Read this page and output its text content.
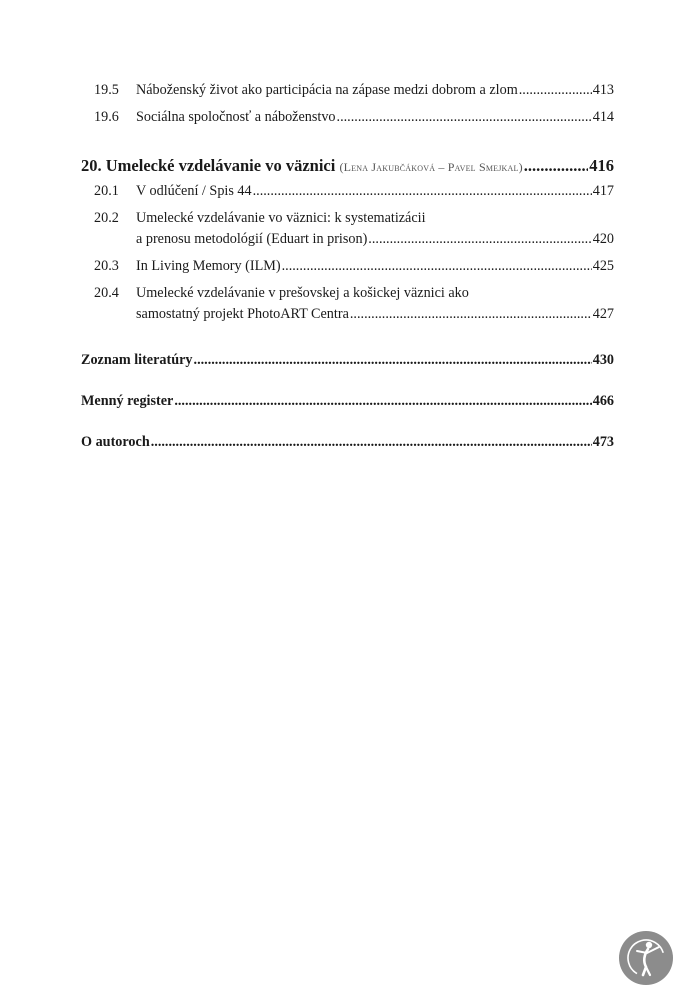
19.5	Náboženský život ako participácia na zápase medzi dobrom a zlom .....	413
19.6	Sociálna spoločnosť a náboženstvo .....	414
20. Umelecké vzdelávanie vo väznici (Lena Jakubčáková – Pavel Smejkal) .....	416
20.1	V odlúčení / Spis 44 .....	417
20.2	Umelecké vzdelávanie vo väznici: k systematizácii
a prenosu metodológií (Eduart in prison) .....	420
20.3	In Living Memory (ILM) .....	425
20.4	Umelecké vzdelávanie v prešovskej a košickej väznici ako
samostatný projekt PhotoART Centra .....	427
Zoznam literatúry .....	430
Menný register .....	466
O autoroch .....	473
